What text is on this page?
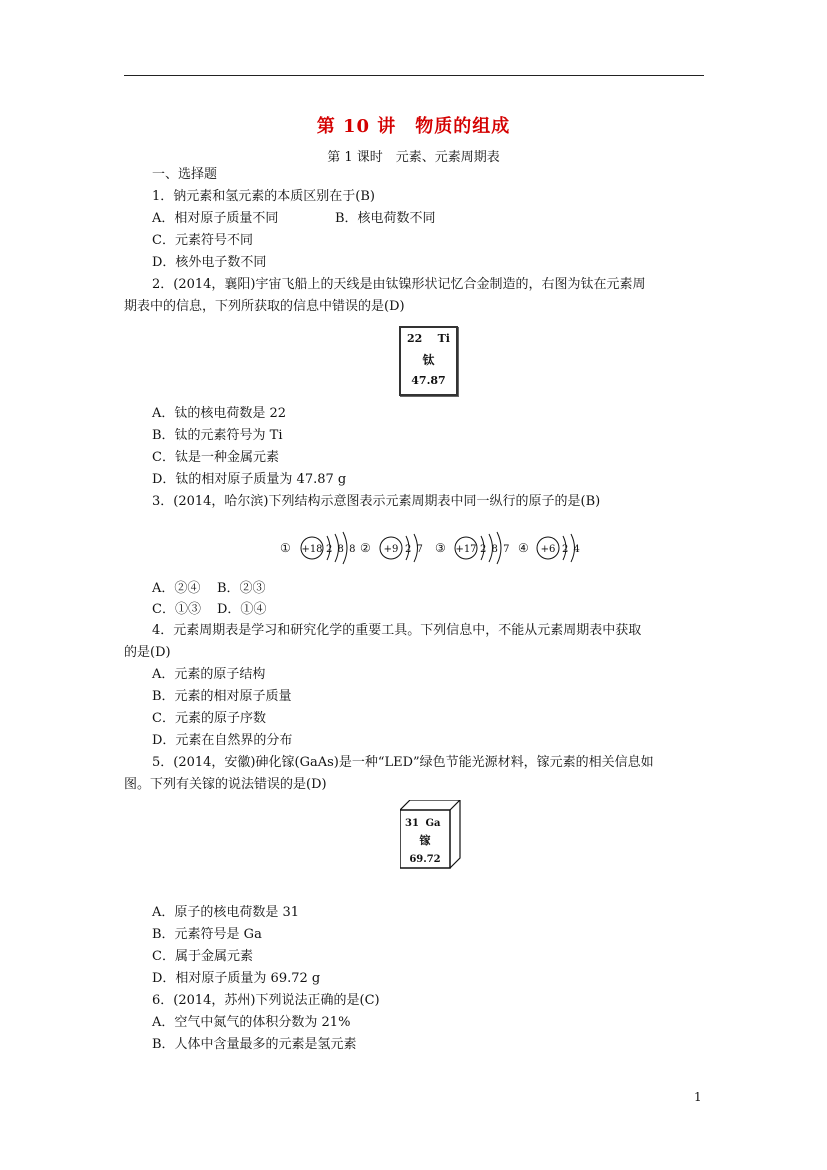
第 10 讲　物质的组成
第 1 课时　元素、元素周期表
一、选择题
1．钠元素和氢元素的本质区别在于(B)
A．相对原子质量不同	B．核电荷数不同
C．元素符号不同
D．核外电子数不同
2．(2014，襄阳)宇宙飞船上的天线是由钛镍形状记忆合金制造的，右图为钛在元素周
期表中的信息，下列所获取的信息中错误的是(D)
22 Ti
钛
47.87
A．钛的核电荷数是 22
B．钛的元素符号为 Ti
C．钛是一种金属元素
D．钛的相对原子质量为 47.87 g
3．(2014，哈尔滨)下列结构示意图表示元素周期表中同一纵行的原子的是(B)
① +18 2 8 8 ② +9 2 7 ③ +17 2 8 7 ④ +6 2 4
A．②④ B．②③
C．①③ D．①④
4．元素周期表是学习和研究化学的重要工具。下列信息中，不能从元素周期表中获取
的是(D)
A．元素的原子结构
B．元素的相对原子质量
C．元素的原子序数
D．元素在自然界的分布
5．(2014，安徽)砷化镓(GaAs)是一种“LED”绿色节能光源材料，镓元素的相关信息如
图。下列有关镓的说法错误的是(D)
31 Ga
镓
69.72
A．原子的核电荷数是 31
B．元素符号是 Ga
C．属于金属元素
D．相对原子质量为 69.72 g
6．(2014，苏州)下列说法正确的是(C)
A．空气中氮气的体积分数为 21%
B．人体中含量最多的元素是氢元素
1
